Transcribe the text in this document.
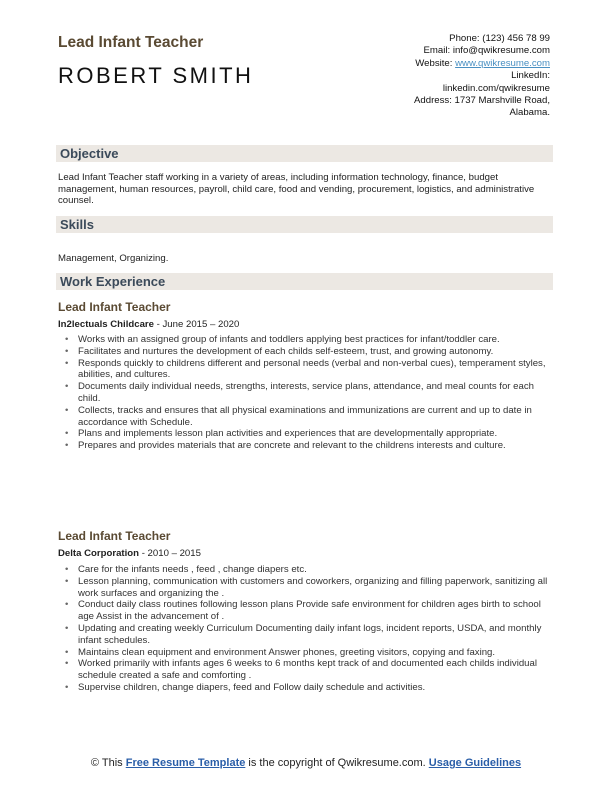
Lead Infant Teacher
ROBERT SMITH
Phone: (123) 456 78 99
Email: info@qwikresume.com
Website: www.qwikresume.com
LinkedIn:
linkedin.com/qwikresume
Address: 1737 Marshville Road,
Alabama.
Objective
Lead Infant Teacher staff working in a variety of areas, including information technology, finance, budget management, human resources, payroll, child care, food and vending, procurement, logistics, and administrative counsel.
Skills
Management, Organizing.
Work Experience
Lead Infant Teacher
In2lectuals Childcare - June 2015 – 2020
• Works with an assigned group of infants and toddlers applying best practices for infant/toddler care.
• Facilitates and nurtures the development of each childs self-esteem, trust, and growing autonomy.
• Responds quickly to childrens different and personal needs (verbal and non-verbal cues), temperament styles, abilities, and cultures.
• Documents daily individual needs, strengths, interests, service plans, attendance, and meal counts for each child.
• Collects, tracks and ensures that all physical examinations and immunizations are current and up to date in accordance with Schedule.
• Plans and implements lesson plan activities and experiences that are developmentally appropriate.
• Prepares and provides materials that are concrete and relevant to the childrens interests and culture.
Lead Infant Teacher
Delta Corporation - 2010 – 2015
• Care for the infants needs , feed , change diapers etc.
• Lesson planning, communication with customers and coworkers, organizing and filling paperwork, sanitizing all work surfaces and organizing the .
• Conduct daily class routines following lesson plans Provide safe environment for children ages birth to school age Assist in the advancement of .
• Updating and creating weekly Curriculum Documenting daily infant logs, incident reports, USDA, and monthly infant schedules.
• Maintains clean equipment and environment Answer phones, greeting visitors, copying and faxing.
• Worked primarily with infants ages 6 weeks to 6 months kept track of and documented each childs individual schedule created a safe and comforting .
• Supervise children, change diapers, feed and Follow daily schedule and activities.
© This Free Resume Template is the copyright of Qwikresume.com. Usage Guidelines
